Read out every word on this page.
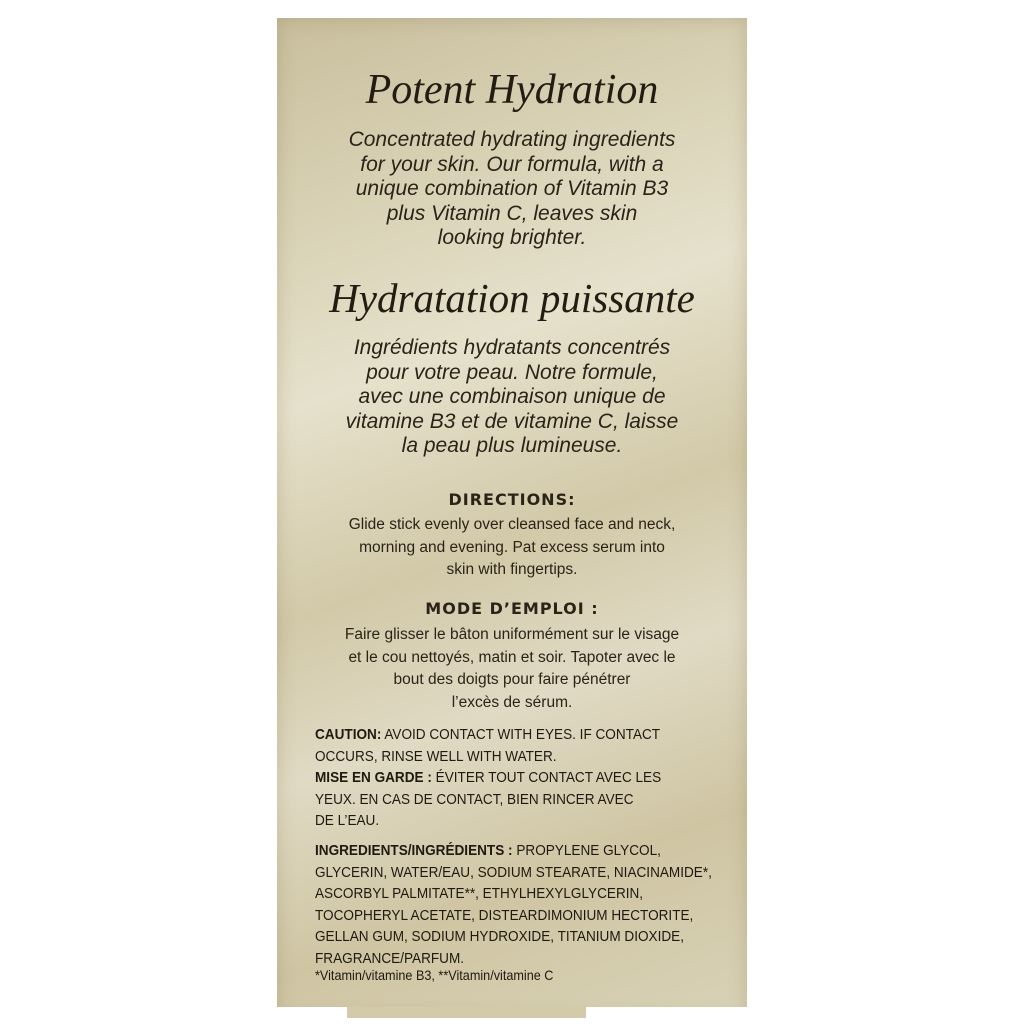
Potent Hydration

Concentrated hydrating ingredients
for your skin. Our formula, with a
unique combination of Vitamin B3
plus Vitamin C, leaves skin
looking brighter.

Hydratation puissante

Ingrédients hydratants concentrés
pour votre peau. Notre formule,
avec une combinaison unique de
vitamine B3 et de vitamine C, laisse
la peau plus lumineuse.

DIRECTIONS:

Glide stick evenly over cleansed face and neck,
morning and evening. Pat excess serum into
skin with fingertips.

MODE D’EMPLOI :

Faire glisser le bâton uniformément sur le visage
et le cou nettoyés, matin et soir. Tapoter avec le
bout des doigts pour faire pénétrer
l’excès de sérum.

CAUTION: AVOID CONTACT WITH EYES. IF CONTACT
OCCURS, RINSE WELL WITH WATER.

MISE EN GARDE : ÉVITER TOUT CONTACT AVEC LES
YEUX. EN CAS DE CONTACT, BIEN RINCER AVEC
DE L’EAU.

INGREDIENTS/INGRÉDIENTS : PROPYLENE GLYCOL,
GLYCERIN, WATER/EAU, SODIUM STEARATE, NIACINAMIDE*,
ASCORBYL PALMITATE**, ETHYLHEXYLGLYCERIN,
TOCOPHERYL ACETATE, DISTEARDIMONIUM HECTORITE,
GELLAN GUM, SODIUM HYDROXIDE, TITANIUM DIOXIDE,
FRAGRANCE/PARFUM.

*Vitamin/vitamine B3, **Vitamin/vitamine C
